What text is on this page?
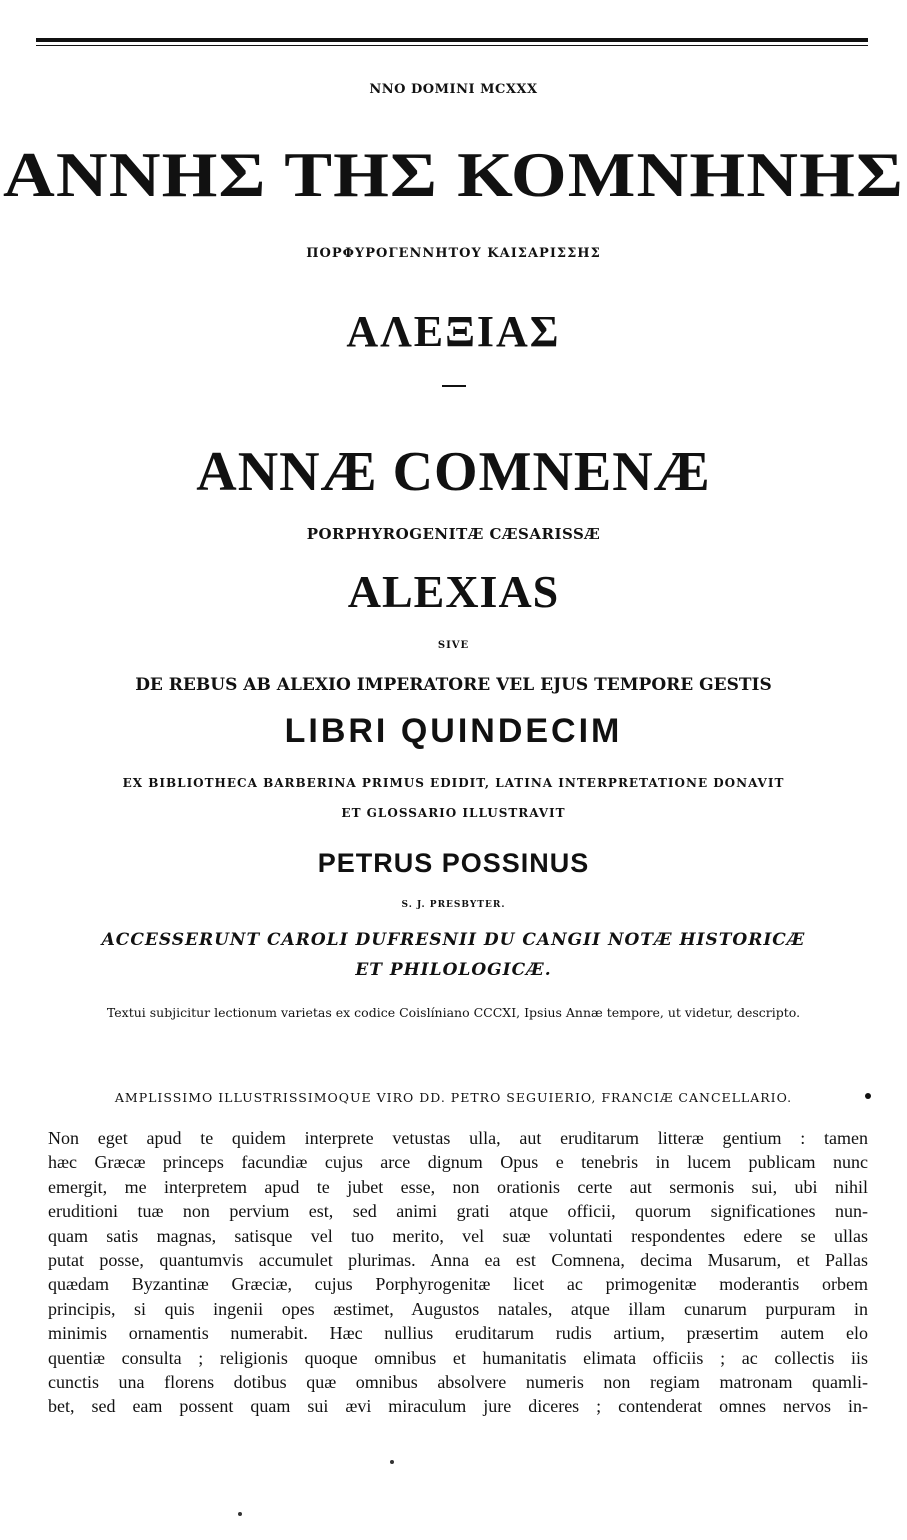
NNO DOMINI MCXXX
ΑΝΝΗΣ ΤΗΣ ΚΟΜΝΗΝΗΣ
ΠΟΡΦΥΡΟΓΕΝΝΗΤΟΥ ΚΑΙΣΑΡΙΣΣΗΣ
ΑΛΕΞΙΑΣ
ANNÆ COMNENÆ
PORPHYROGENITÆ CÆSARISSÆ
ALEXIAS
SIVE
DE REBUS AB ALEXIO IMPERATORE VEL EJUS TEMPORE GESTIS
LIBRI QUINDECIM
EX BIBLIOTHECA BARBERINA PRIMUS EDIDIT, LATINA INTERPRETATIONE DONAVIT
ET GLOSSARIO ILLUSTRAVIT
PETRUS POSSINUS
S. J. PRESBYTER.
ACCESSERUNT CAROLI DUFRESNII DU CANGII NOTÆ HISTORICÆ
ET PHILOLOGICÆ.
Textui subjicitur lectionum varietas ex codice Coislíniano CCCXI, Ipsius Annæ tempore, ut videtur, descripto.
AMPLISSIMO ILLUSTRISSIMOQUE VIRO DD. PETRO SEGUIERIO, FRANCIÆ CANCELLARIO.
Non eget apud te quidem interprete vetustas ulla, aut eruditarum litteræ gentium : tamen
hæc Græcæ princeps facundiæ cujus arce dignum Opus e tenebris in lucem publicam nunc
emergit, me interpretem apud te jubet esse, non orationis certe aut sermonis sui, ubi nihil
eruditioni tuæ non pervium est, sed animi grati atque officii, quorum significationes nun-
quam satis magnas, satisque vel tuo merito, vel suæ voluntati respondentes edere se ullas
putat posse, quantumvis accumulet plurimas. Anna ea est Comnena, decima Musarum, et Pallas
quædam Byzantinæ Græciæ, cujus Porphyrogenitæ licet ac primogenitæ moderantis orbem
principis, si quis ingenii opes æstimet, Augustos natales, atque illam cunarum purpuram in
minimis ornamentis numerabit. Hæc nullius eruditarum rudis artium, præsertim autem elo
quentiæ consulta ; religionis quoque omnibus et humanitatis elimata officiis ; ac collectis iis
cunctis una florens dotibus quæ omnibus absolvere numeris non regiam matronam quamli-
bet, sed eam possent quam sui ævi miraculum jure diceres ; contenderat omnes nervos in-
